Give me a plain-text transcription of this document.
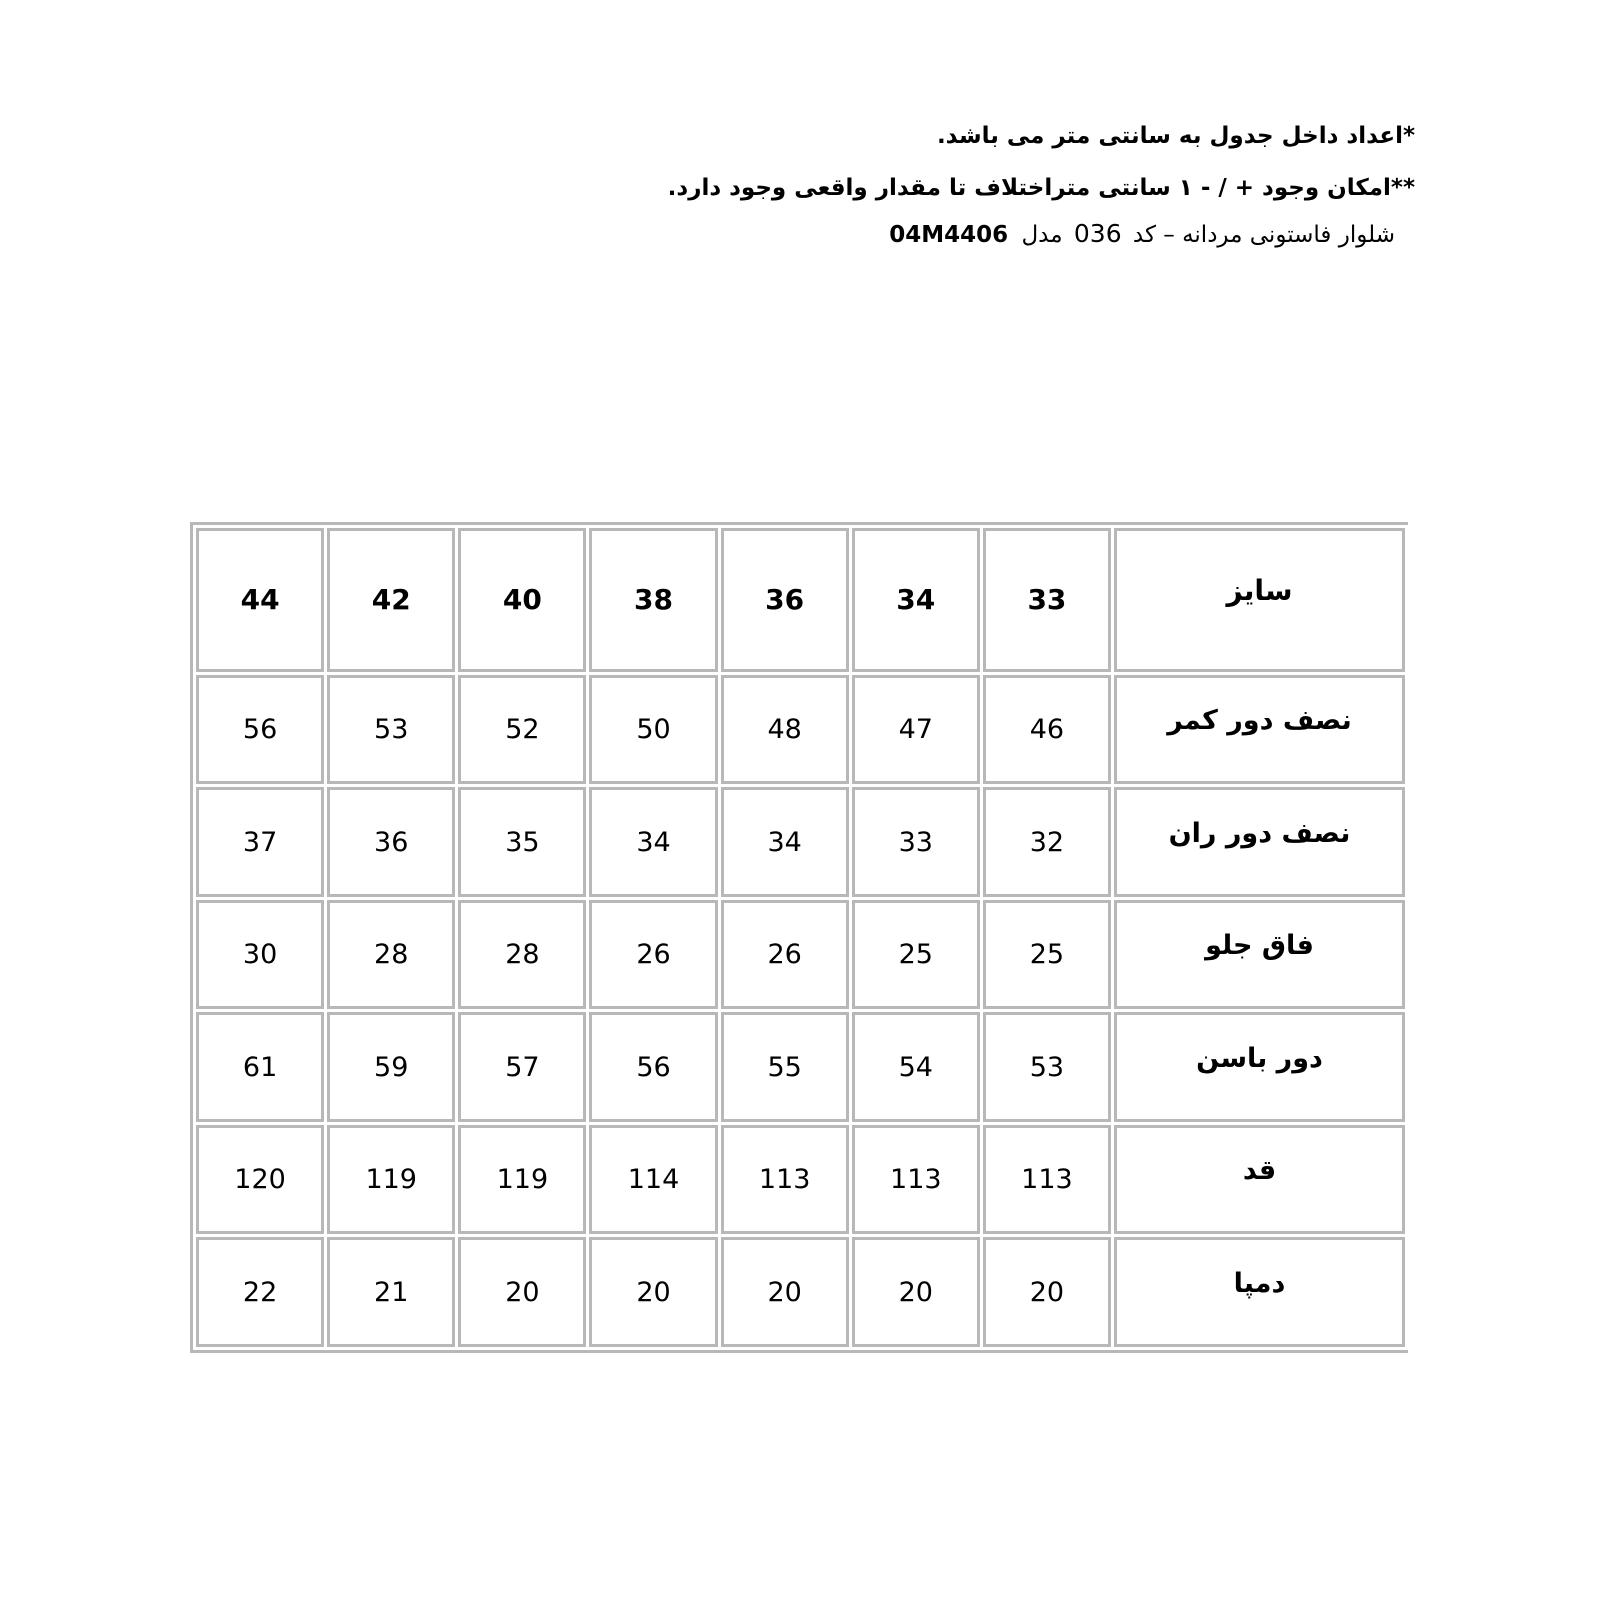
*اعداد داخل جدول به سانتی متر می باشد.
**امکان وجود + / - ۱ سانتی متراختلاف تا مقدار واقعی وجود دارد.
شلوار فاستونی مردانه – کد 036 مدل 04M4406
سایز	33	34	36	38	40	42	44
نصف دور کمر	46	47	48	50	52	53	56
نصف دور ران	32	33	34	34	35	36	37
فاق جلو	25	25	26	26	28	28	30
دور باسن	53	54	55	56	57	59	61
قد	113	113	113	114	119	119	120
دمپا	20	20	20	20	20	21	22
